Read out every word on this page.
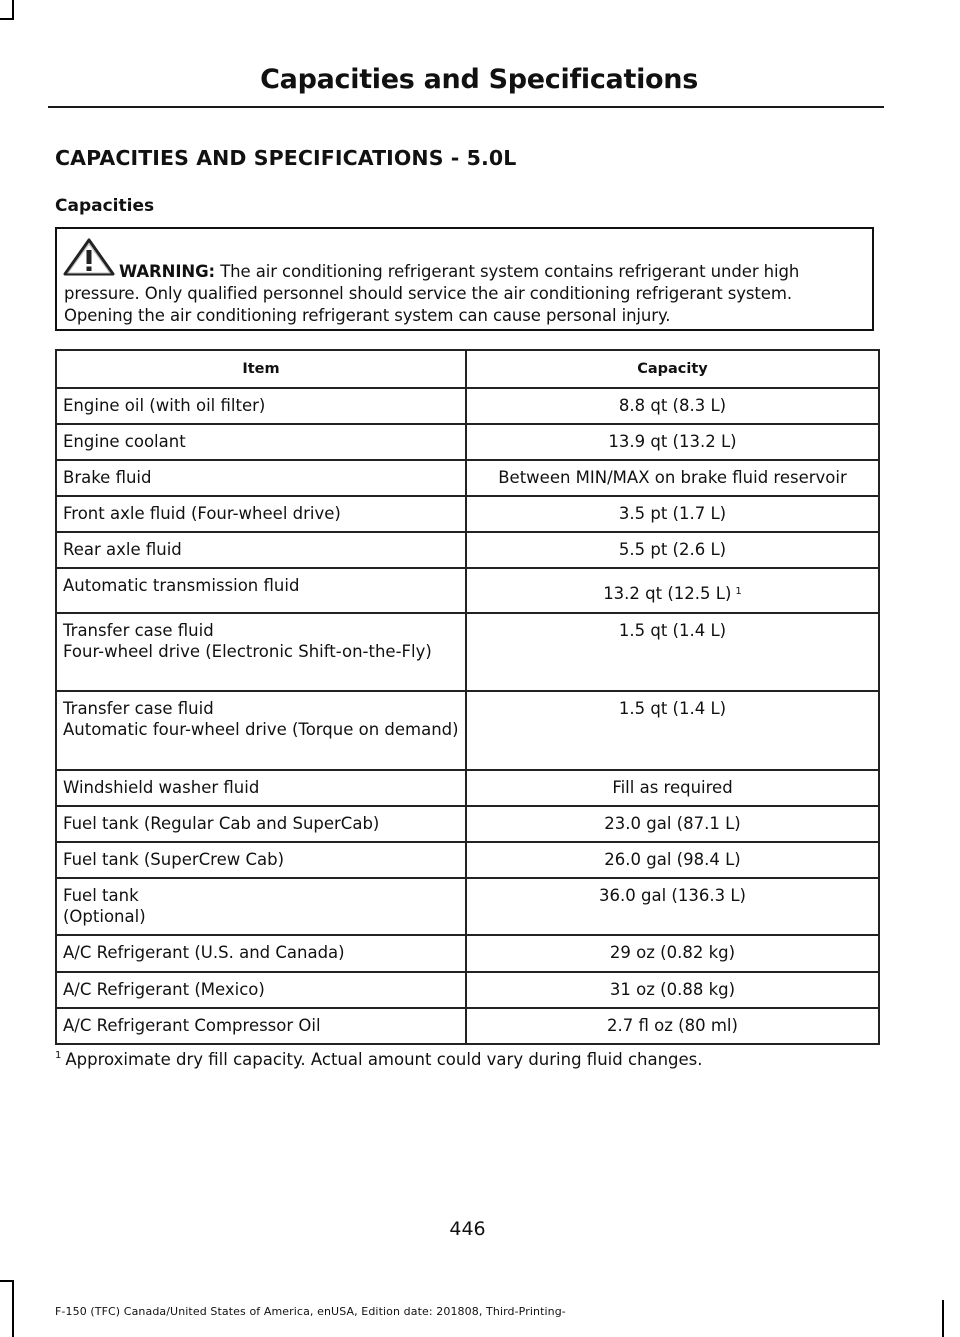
Capacities and Specifications
CAPACITIES AND SPECIFICATIONS - 5.0L
Capacities
WARNING: The air conditioning refrigerant system contains refrigerant under high pressure. Only qualified personnel should service the air conditioning refrigerant system. Opening the air conditioning refrigerant system can cause personal injury.
Item	Capacity

Engine oil (with oil filter)	8.8 qt (8.3 L)

Engine coolant	13.9 qt (13.2 L)

Brake fluid	Between MIN/MAX on brake fluid reservoir

Front axle fluid (Four-wheel drive)	3.5 pt (1.7 L)

Rear axle fluid	5.5 pt (2.6 L)

Automatic transmission fluid	13.2 qt (12.5 L) $^1$

Transfer case fluid
Four-wheel drive (Electronic Shift-on-the-Fly)	1.5 qt (1.4 L)

Transfer case fluid
Automatic four-wheel drive (Torque on demand)	1.5 qt (1.4 L)

Windshield washer fluid	Fill as required

Fuel tank (Regular Cab and SuperCab)	23.0 gal (87.1 L)

Fuel tank (SuperCrew Cab)	26.0 gal (98.4 L)

Fuel tank
(Optional)	36.0 gal (136.3 L)

A/C Refrigerant (U.S. and Canada)	29 oz (0.82 kg)

A/C Refrigerant (Mexico)	31 oz (0.88 kg)

A/C Refrigerant Compressor Oil	2.7 fl oz (80 ml)
$^1$ Approximate dry fill capacity. Actual amount could vary during fluid changes.
446
F-150 (TFC) Canada/United States of America, enUSA, Edition date: 201808, Third-Printing-
